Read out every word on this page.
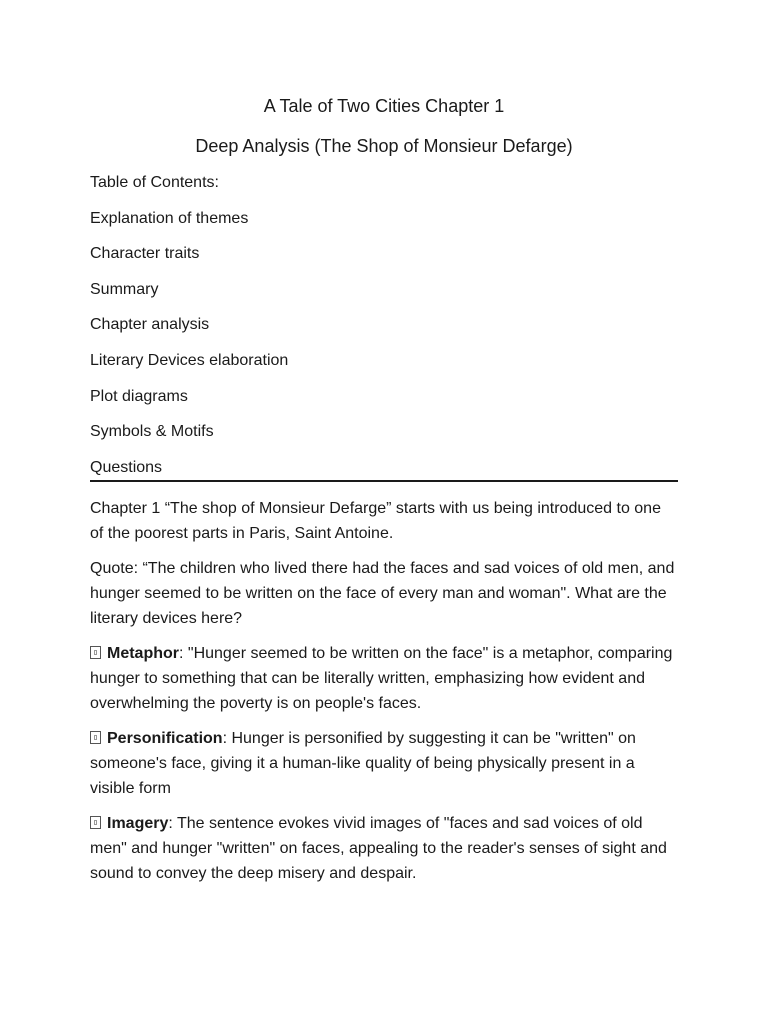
A Tale of Two Cities Chapter 1
Deep Analysis (The Shop of Monsieur Defarge)
Table of Contents:
Explanation of themes
Character traits
Summary
Chapter analysis
Literary Devices elaboration
Plot diagrams
Symbols & Motifs
Questions

Chapter 1 “The shop of Monsieur Defarge” starts with us being introduced to one of the poorest parts in Paris, Saint Antoine.

Quote: “The children who lived there had the faces and sad voices of old men, and hunger seemed to be written on the face of every man and woman". What are the literary devices here?

Metaphor: "Hunger seemed to be written on the face" is a metaphor, comparing hunger to something that can be literally written, emphasizing how evident and overwhelming the poverty is on people's faces.

Personification: Hunger is personified by suggesting it can be "written" on someone's face, giving it a human-like quality of being physically present in a visible form

Imagery: The sentence evokes vivid images of "faces and sad voices of old men" and hunger "written" on faces, appealing to the reader's senses of sight and sound to convey the deep misery and despair.
